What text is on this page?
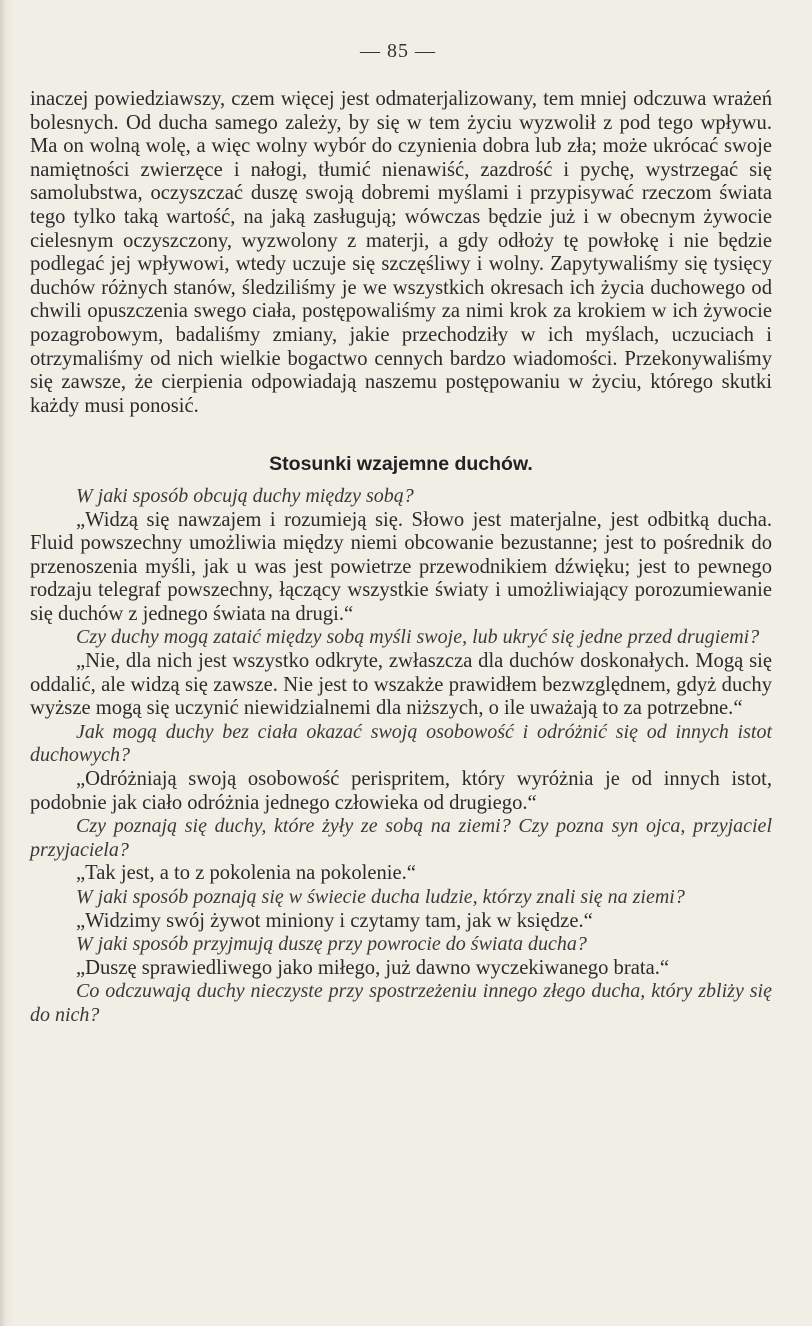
— 85 —

inaczej powiedziawszy, czem więcej jest odmaterjalizowany, tem mniej odczuwa wrażeń bolesnych. Od ducha samego zależy, by się w tem życiu wyzwolił z pod tego wpływu. Ma on wolną wolę, a więc wolny wybór do czynienia dobra lub zła; może ukrócać swoje namiętności zwierzęce i nałogi, tłumić nienawiść, zazdrość i pychę, wystrzegać się samolubstwa, oczyszczać duszę swoją dobremi myślami i przypisywać rzeczom świata tego tylko taką wartość, na jaką zasługują; wówczas będzie już i w obecnym żywocie cielesnym oczyszczony, wyzwolony z materji, a gdy odłoży tę powłokę i nie będzie podlegać jej wpływowi, wtedy uczuje się szczęśliwy i wolny. Zapytywaliśmy się tysięcy duchów różnych stanów, śledziliśmy je we wszystkich okresach ich życia duchowego od chwili opuszczenia swego ciała, postępowaliśmy za nimi krok za krokiem w ich żywocie pozagrobowym, badaliśmy zmiany, jakie przechodziły w ich myślach, uczuciach i otrzymaliśmy od nich wielkie bogactwo cennych bardzo wiadomości. Przekonywaliśmy się zawsze, że cierpienia odpowiadają naszemu postępowaniu w życiu, którego skutki każdy musi ponosić.

Stosunki wzajemne duchów.

W jaki sposób obcują duchy między sobą?

„Widzą się nawzajem i rozumieją się. Słowo jest materjalne, jest odbitką ducha. Fluid powszechny umożliwia między niemi obcowanie bezustanne; jest to pośrednik do przenoszenia myśli, jak u was jest powietrze przewodnikiem dźwięku; jest to pewnego rodzaju telegraf powszechny, łączący wszystkie światy i umożliwiający porozumiewanie się duchów z jednego świata na drugi.“

Czy duchy mogą zataić między sobą myśli swoje, lub ukryć się jedne przed drugiemi?

„Nie, dla nich jest wszystko odkryte, zwłaszcza dla duchów doskonałych. Mogą się oddalić, ale widzą się zawsze. Nie jest to wszakże prawidłem bezwzględnem, gdyż duchy wyższe mogą się uczynić niewidzialnemi dla niższych, o ile uważają to za potrzebne.“

Jak mogą duchy bez ciała okazać swoją osobowość i odróżnić się od innych istot duchowych?

„Odróżniają swoją osobowość perispritem, który wyróżnia je od innych istot, podobnie jak ciało odróżnia jednego człowieka od drugiego.“

Czy poznają się duchy, które żyły ze sobą na ziemi? Czy pozna syn ojca, przyjaciel przyjaciela?

„Tak jest, a to z pokolenia na pokolenie.“

W jaki sposób poznają się w świecie ducha ludzie, którzy znali się na ziemi?

„Widzimy swój żywot miniony i czytamy tam, jak w księdze.“

W jaki sposób przyjmują duszę przy powrocie do świata ducha?

„Duszę sprawiedliwego jako miłego, już dawno wyczekiwanego brata.“

Co odczuwają duchy nieczyste przy spostrzeżeniu innego złego ducha, który zbliży się do nich?
